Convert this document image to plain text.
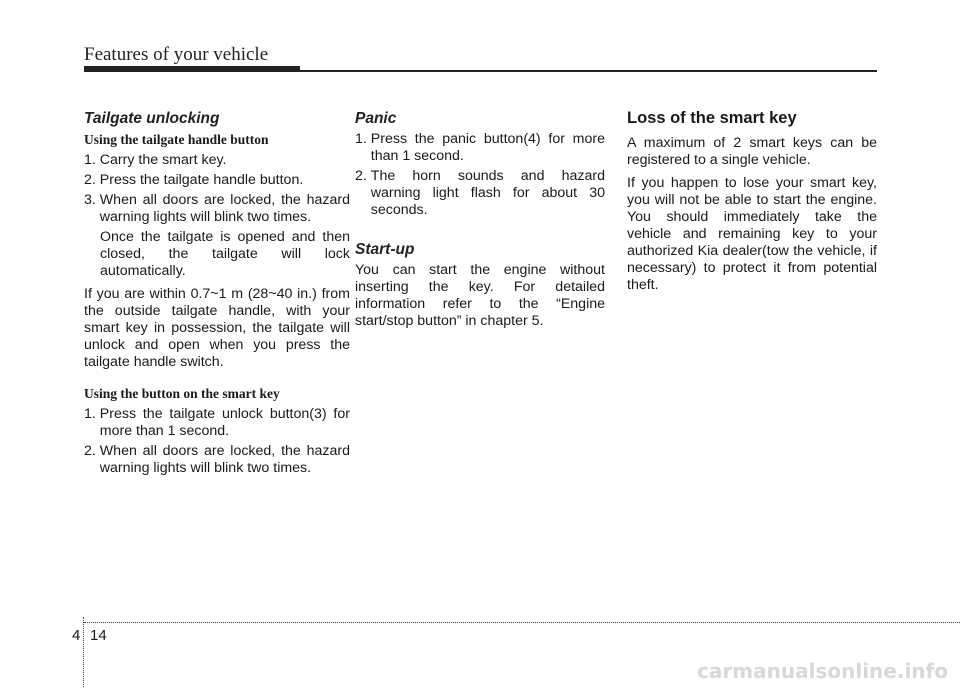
Features of your vehicle
Tailgate unlocking
Using the tailgate handle button
1. Carry the smart key.
2. Press the tailgate handle button.
3. When all doors are locked, the hazard warning lights will blink two times.
Once the tailgate is opened and then closed, the tailgate will lock automatically.

If you are within 0.7~1 m (28~40 in.) from the outside tailgate handle, with your smart key in possession, the tailgate will unlock and open when you press the tailgate handle switch.

Using the button on the smart key
1. Press the tailgate unlock button(3) for more than 1 second.
2. When all doors are locked, the hazard warning lights will blink two times.
Panic
1. Press the panic button(4) for more than 1 second.
2. The horn sounds and hazard warning light flash for about 30 seconds.
Start-up

You can start the engine without inserting the key. For detailed information refer to the “Engine start/stop button” in chapter 5.

Loss of the smart key

A maximum of 2 smart keys can be registered to a single vehicle.

If you happen to lose your smart key, you will not be able to start the engine. You should immediately take the vehicle and remaining key to your authorized Kia dealer(tow the vehicle, if necessary) to protect it from potential theft.

4 14
carmanualsonline.info
